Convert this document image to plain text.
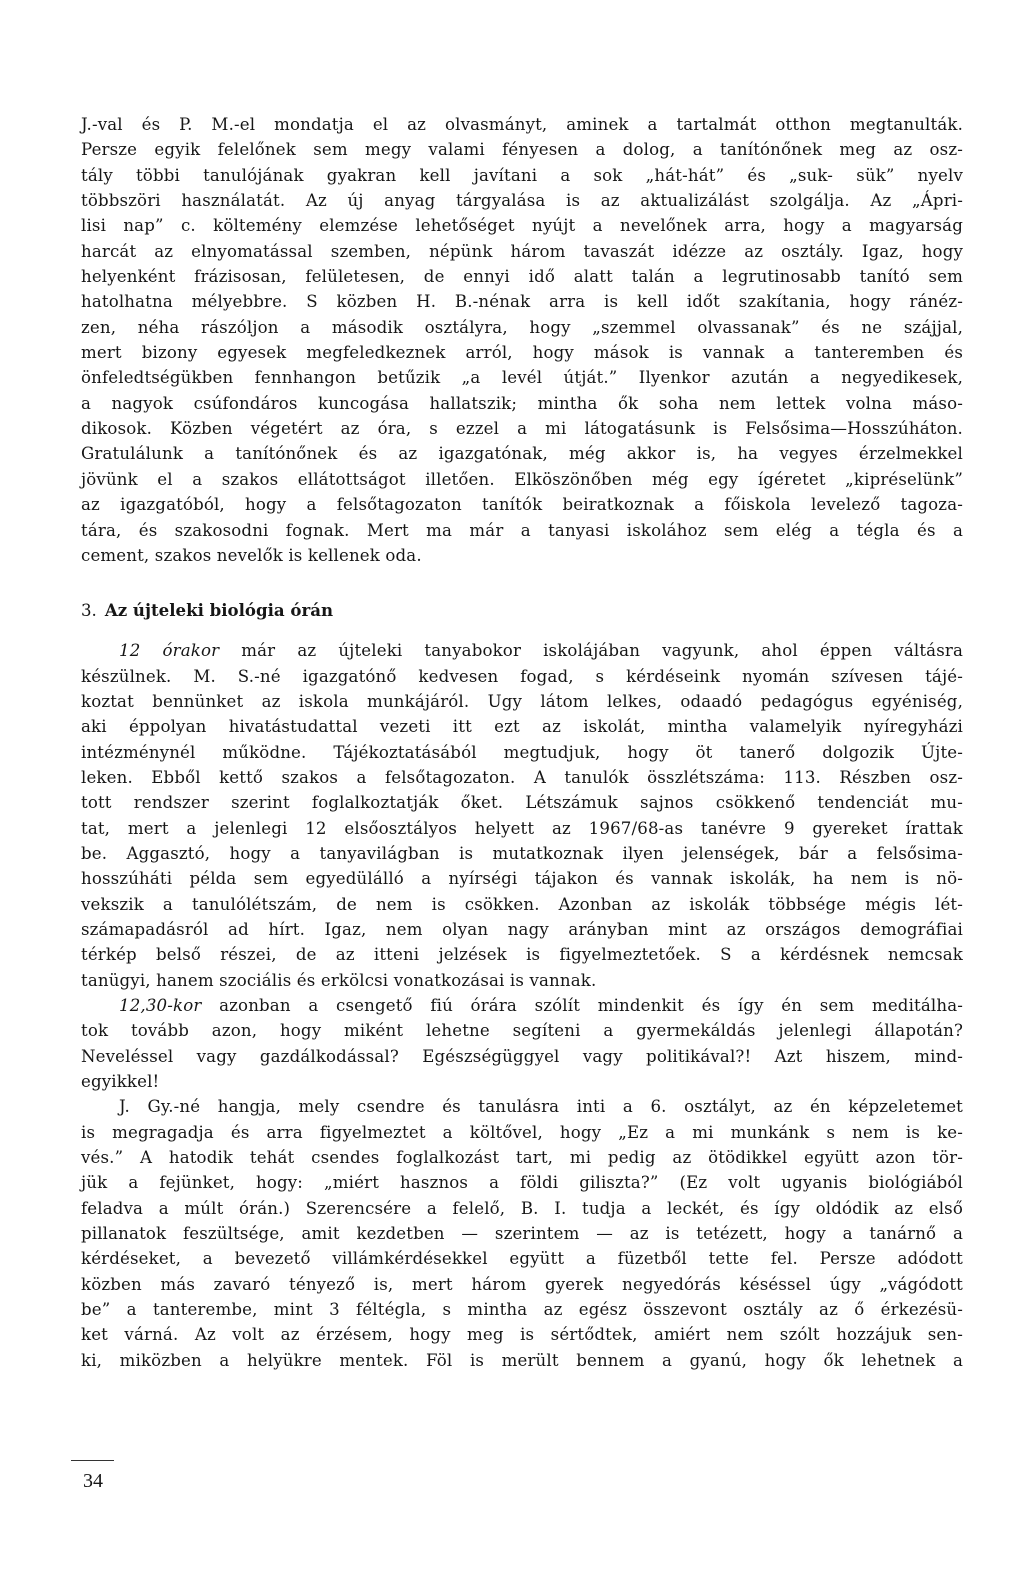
J.-val és P. M.-el mondatja el az olvasmányt, aminek a tartalmát otthon megtanulták.
Persze egyik felelőnek sem megy valami fényesen a dolog, a tanítónőnek meg az osz-
tály többi tanulójának gyakran kell javítani a sok „hát-hát” és „suk- sük” nyelv
többszöri használatát. Az új anyag tárgyalása is az aktualizálást szolgálja. Az „Ápri-
lisi nap” c. költemény elemzése lehetőséget nyújt a nevelőnek arra, hogy a magyarság
harcát az elnyomatással szemben, népünk három tavaszát idézze az osztály. Igaz, hogy
helyenként frázisosan, felületesen, de ennyi idő alatt talán a legrutinosabb tanító sem
hatolhatna mélyebbre. S közben H. B.-nénak arra is kell időt szakítania, hogy ránéz-
zen, néha rászóljon a második osztályra, hogy „szemmel olvassanak” és ne szájjal,
mert bizony egyesek megfeledkeznek arról, hogy mások is vannak a tanteremben és
önfeledtségükben fennhangon betűzik „a levél útját.” Ilyenkor azután a negyedikesek,
a nagyok csúfondáros kuncogása hallatszik; mintha ők soha nem lettek volna máso-
dikosok. Közben végetért az óra, s ezzel a mi látogatásunk is Felsősima—Hosszúháton.
Gratulálunk a tanítónőnek és az igazgatónak, még akkor is, ha vegyes érzelmekkel
jövünk el a szakos ellátottságot illetően. Elköszönőben még egy ígéretet „kipréselünk”
az igazgatóból, hogy a felsőtagozaton tanítók beiratkoznak a főiskola levelező tagoza-
tára, és szakosodni fognak. Mert ma már a tanyasi iskolához sem elég a tégla és a
cement, szakos nevelők is kellenek oda.
3. Az újteleki biológia órán
12 órakor már az újteleki tanyabokor iskolájában vagyunk, ahol éppen váltásra
készülnek. M. S.-né igazgatónő kedvesen fogad, s kérdéseink nyomán szívesen tájé-
koztat bennünket az iskola munkájáról. Ugy látom lelkes, odaadó pedagógus egyéniség,
aki éppolyan hivatástudattal vezeti itt ezt az iskolát, mintha valamelyik nyíregyházi
intézménynél működne. Tájékoztatásából megtudjuk, hogy öt tanerő dolgozik Újte-
leken. Ebből kettő szakos a felsőtagozaton. A tanulók összlétszáma: 113. Részben osz-
tott rendszer szerint foglalkoztatják őket. Létszámuk sajnos csökkenő tendenciát mu-
tat, mert a jelenlegi 12 elsőosztályos helyett az 1967/68-as tanévre 9 gyereket írattak
be. Aggasztó, hogy a tanyavilágban is mutatkoznak ilyen jelenségek, bár a felsősima-
hosszúháti példa sem egyedülálló a nyírségi tájakon és vannak iskolák, ha nem is nö-
vekszik a tanulólétszám, de nem is csökken. Azonban az iskolák többsége mégis lét-
számapadásról ad hírt. Igaz, nem olyan nagy arányban mint az országos demográfiai
térkép belső részei, de az itteni jelzések is figyelmeztetőek. S a kérdésnek nemcsak
tanügyi, hanem szociális és erkölcsi vonatkozásai is vannak.
12,30-kor azonban a csengető fiú órára szólít mindenkit és így én sem meditálha-
tok tovább azon, hogy miként lehetne segíteni a gyermekáldás jelenlegi állapotán?
Neveléssel vagy gazdálkodással? Egészségüggyel vagy politikával?! Azt hiszem, mind-
egyikkel!
J. Gy.-né hangja, mely csendre és tanulásra inti a 6. osztályt, az én képzeletemet
is megragadja és arra figyelmeztet a költővel, hogy „Ez a mi munkánk s nem is ke-
vés.” A hatodik tehát csendes foglalkozást tart, mi pedig az ötödikkel együtt azon tör-
jük a fejünket, hogy: „miért hasznos a földi giliszta?” (Ez volt ugyanis biológiából
feladva a múlt órán.) Szerencsére a felelő, B. I. tudja a leckét, és így oldódik az első
pillanatok feszültsége, amit kezdetben — szerintem — az is tetézett, hogy a tanárnő a
kérdéseket, a bevezető villámkérdésekkel együtt a füzetből tette fel. Persze adódott
közben más zavaró tényező is, mert három gyerek negyedórás késéssel úgy „vágódott
be” a tanterembe, mint 3 féltégla, s mintha az egész összevont osztály az ő érkezésü-
ket várná. Az volt az érzésem, hogy meg is sértődtek, amiért nem szólt hozzájuk sen-
ki, miközben a helyükre mentek. Föl is merült bennem a gyanú, hogy ők lehetnek a
34
